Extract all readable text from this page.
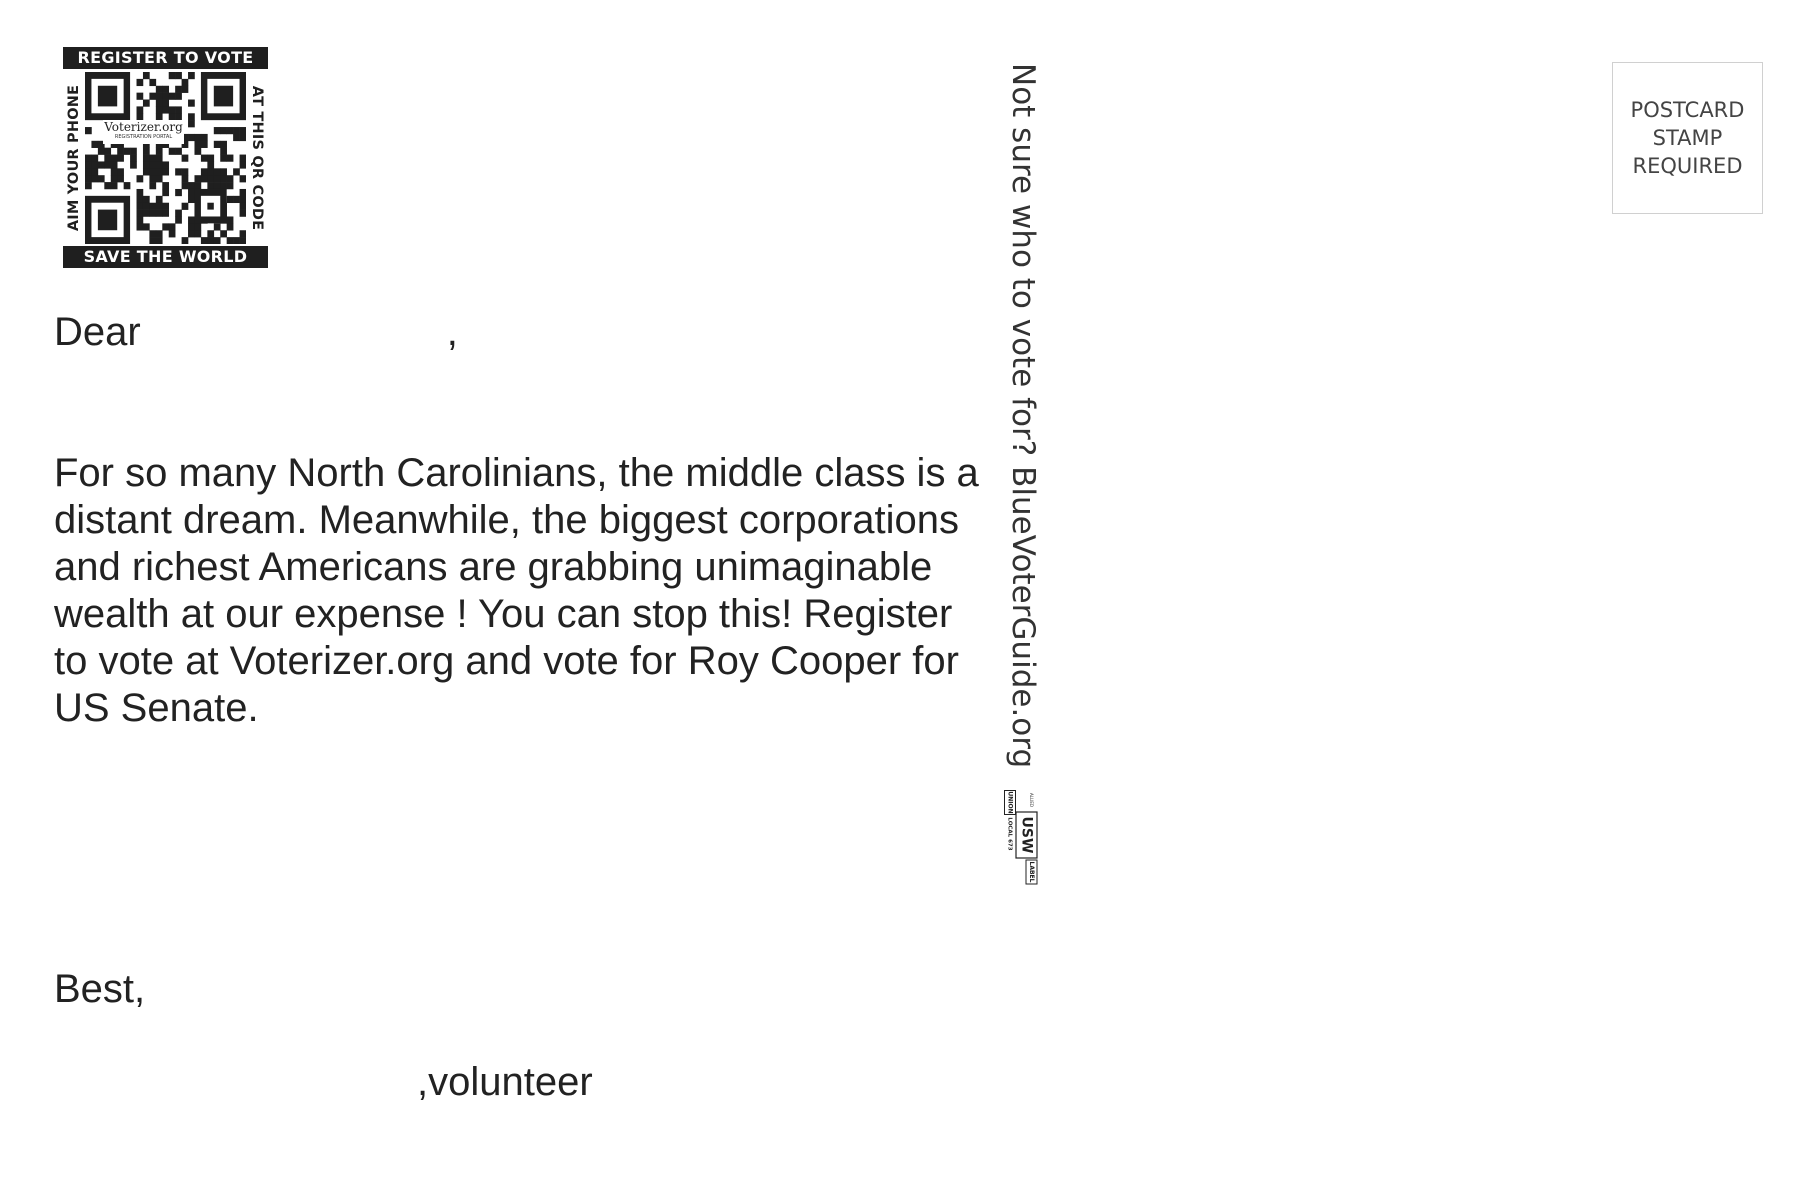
REGISTER TO VOTE
AIM YOUR PHONE Voterizer.org
REGISTRATION PORTAL	AT THIS QR CODE
SAVE THE WORLD
Dear	,

For so many North Carolinians, the middle class is a distant dream. Meanwhile, the biggest corporations and richest Americans are grabbing unimaginable wealth at our expense ! You can stop this! Register to vote at Voterizer.org and vote for Roy Cooper for US Senate.

Best,
,volunteer
Not sure who to vote for? BlueVoterGuide.org
UNION
USW
ALLIED
LOCAL 673
LABEL
POSTCARD
STAMP
REQUIRED
